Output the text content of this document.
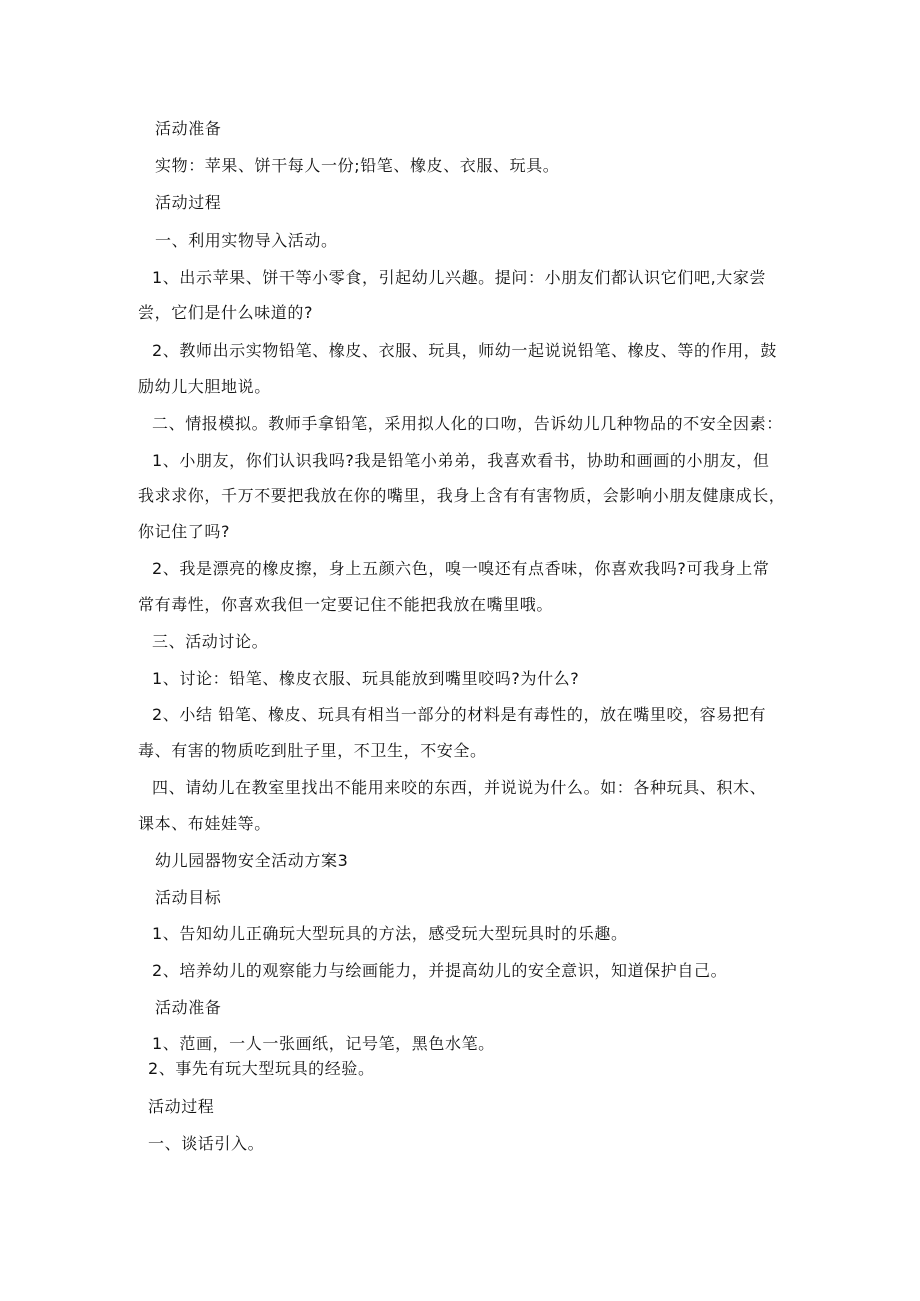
活动准备
实物：苹果、饼干每人一份;铅笔、橡皮、衣服、玩具。
活动过程
一、利用实物导入活动。
1、出示苹果、饼干等小零食，引起幼儿兴趣。提问：小朋友们都认识它们吧,大家尝
尝，它们是什么味道的?
2、教师出示实物铅笔、橡皮、衣服、玩具，师幼一起说说铅笔、橡皮、等的作用，鼓
励幼儿大胆地说。
二、情报模拟。教师手拿铅笔，采用拟人化的口吻，告诉幼儿几种物品的不安全因素：
1、小朋友，你们认识我吗?我是铅笔小弟弟，我喜欢看书，协助和画画的小朋友，但
我求求你，千万不要把我放在你的嘴里，我身上含有有害物质，会影响小朋友健康成长，
你记住了吗?
2、我是漂亮的橡皮擦，身上五颜六色，嗅一嗅还有点香味，你喜欢我吗?可我身上常
常有毒性，你喜欢我但一定要记住不能把我放在嘴里哦。
三、活动讨论。
1、讨论：铅笔、橡皮衣服、玩具能放到嘴里咬吗?为什么?
2、小结 铅笔、橡皮、玩具有相当一部分的材料是有毒性的，放在嘴里咬，容易把有
毒、有害的物质吃到肚子里，不卫生，不安全。
四、请幼儿在教室里找出不能用来咬的东西，并说说为什么。如：各种玩具、积木、
课本、布娃娃等。
幼儿园器物安全活动方案3
活动目标
1、告知幼儿正确玩大型玩具的方法，感受玩大型玩具时的乐趣。
2、培养幼儿的观察能力与绘画能力，并提高幼儿的安全意识，知道保护自己。
活动准备
1、范画，一人一张画纸，记号笔，黑色水笔。
2、事先有玩大型玩具的经验。
活动过程
一、谈话引入。
